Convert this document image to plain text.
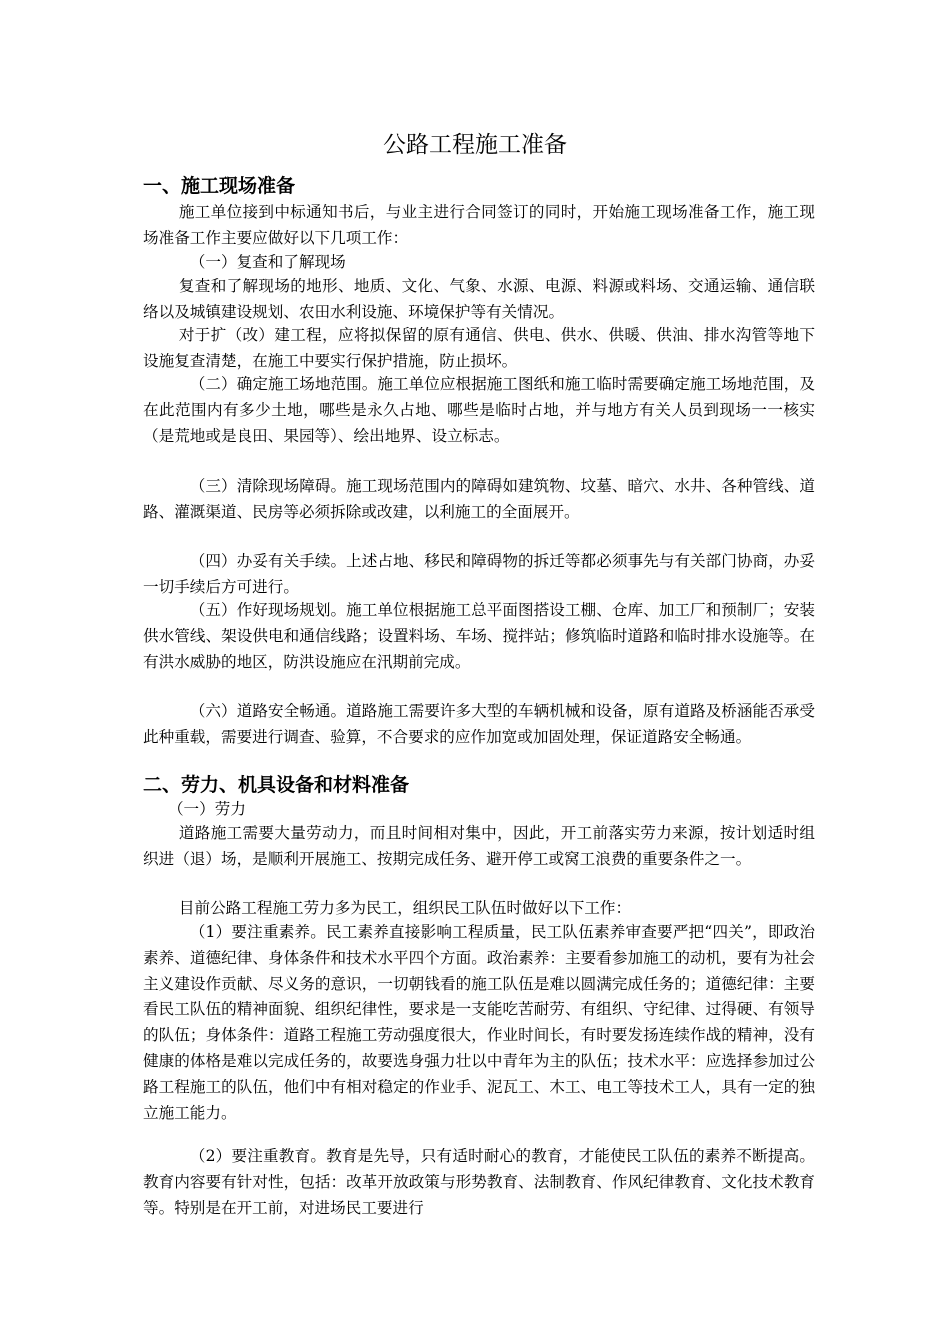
公路工程施工准备
一、施工现场准备
施工单位接到中标通知书后，与业主进行合同签订的同时，开始施工现场准备工作，施工现场准备工作主要应做好以下几项工作：
（一）复查和了解现场
复查和了解现场的地形、地质、文化、气象、水源、电源、料源或料场、交通运输、通信联络以及城镇建设规划、农田水利设施、环境保护等有关情况。
对于扩（改）建工程，应将拟保留的原有通信、供电、供水、供暖、供油、排水沟管等地下设施复查清楚，在施工中要实行保护措施，防止损坏。
（二）确定施工场地范围。施工单位应根据施工图纸和施工临时需要确定施工场地范围，及在此范围内有多少土地，哪些是永久占地、哪些是临时占地，并与地方有关人员到现场一一核实（是荒地或是良田、果园等）、绘出地界、设立标志。
（三）清除现场障碍。施工现场范围内的障碍如建筑物、坟墓、暗穴、水井、各种管线、道路、灌溉渠道、民房等必须拆除或改建，以利施工的全面展开。
（四）办妥有关手续。上述占地、移民和障碍物的拆迁等都必须事先与有关部门协商，办妥一切手续后方可进行。
（五）作好现场规划。施工单位根据施工总平面图搭设工棚、仓库、加工厂和预制厂；安装供水管线、架设供电和通信线路；设置料场、车场、搅拌站；修筑临时道路和临时排水设施等。在有洪水威胁的地区，防洪设施应在汛期前完成。
（六）道路安全畅通。道路施工需要许多大型的车辆机械和设备，原有道路及桥涵能否承受此种重载，需要进行调查、验算，不合要求的应作加宽或加固处理，保证道路安全畅通。
二、劳力、机具设备和材料准备
（一）劳力
道路施工需要大量劳动力，而且时间相对集中，因此，开工前落实劳力来源，按计划适时组织进（退）场，是顺利开展施工、按期完成任务、避开停工或窝工浪费的重要条件之一。
目前公路工程施工劳力多为民工，组织民工队伍时做好以下工作：
（1）要注重素养。民工素养直接影响工程质量，民工队伍素养审查要严把“四关”，即政治素养、道德纪律、身体条件和技术水平四个方面。政治素养：主要看参加施工的动机，要有为社会主义建设作贡献、尽义务的意识，一切朝钱看的施工队伍是难以圆满完成任务的；道德纪律：主要看民工队伍的精神面貌、组织纪律性，要求是一支能吃苦耐劳、有组织、守纪律、过得硬、有领导的队伍；身体条件：道路工程施工劳动强度很大，作业时间长，有时要发扬连续作战的精神，没有健康的体格是难以完成任务的，故要选身强力壮以中青年为主的队伍；技术水平：应选择参加过公路工程施工的队伍，他们中有相对稳定的作业手、泥瓦工、木工、电工等技术工人，具有一定的独立施工能力。
（2）要注重教育。教育是先导，只有适时耐心的教育，才能使民工队伍的素养不断提高。教育内容要有针对性，包括：改革开放政策与形势教育、法制教育、作风纪律教育、文化技术教育等。特别是在开工前，对进场民工要进行
